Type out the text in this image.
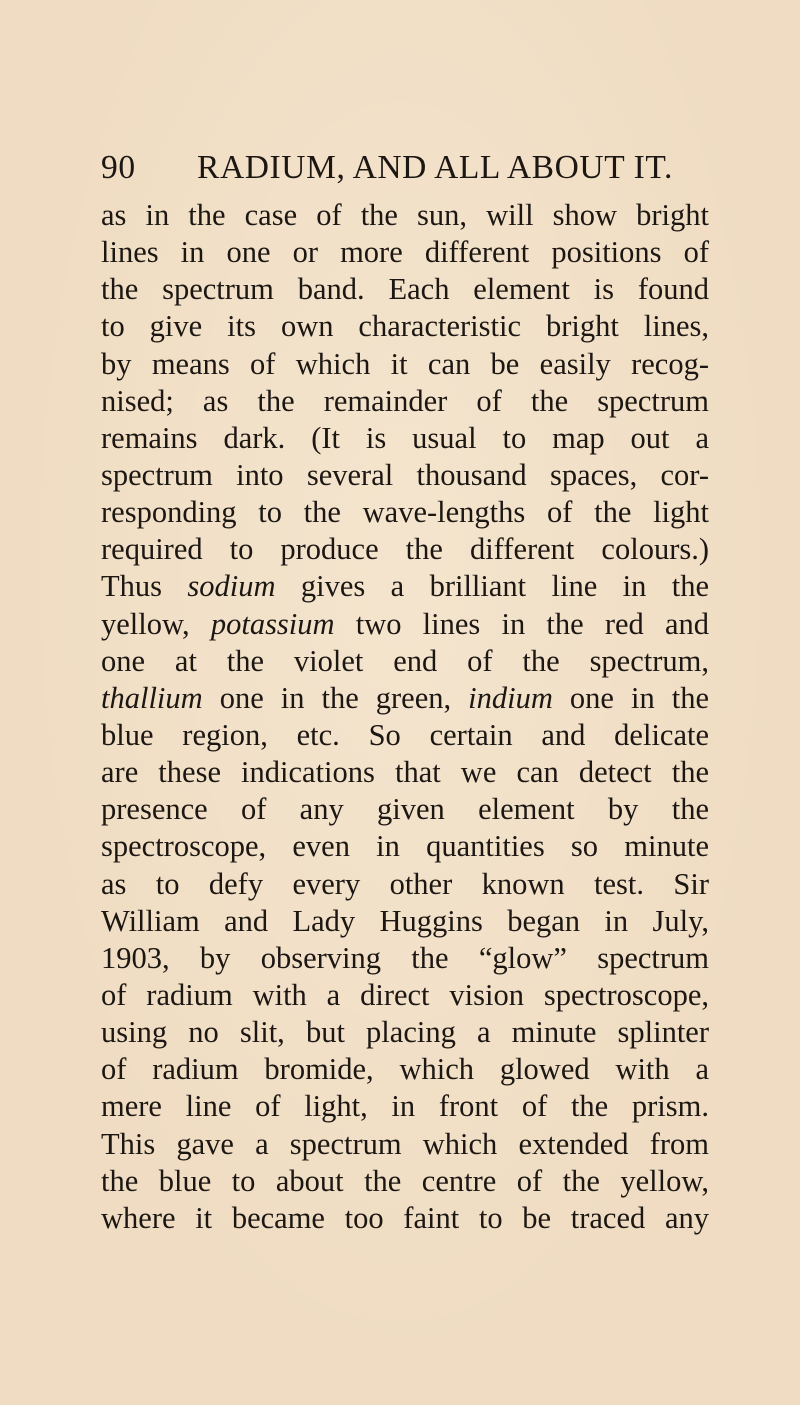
90 RADIUM, AND ALL ABOUT IT.
as in the case of the sun, will show bright
lines in one or more different positions of
the spectrum band. Each element is found
to give its own characteristic bright lines,
by means of which it can be easily recog-
nised; as the remainder of the spectrum
remains dark. (It is usual to map out a
spectrum into several thousand spaces, cor-
responding to the wave-lengths of the light
required to produce the different colours.)
Thus sodium gives a brilliant line in the
yellow, potassium two lines in the red and
one at the violet end of the spectrum,
thallium one in the green, indium one in the
blue region, etc. So certain and delicate
are these indications that we can detect the
presence of any given element by the
spectroscope, even in quantities so minute
as to defy every other known test. Sir
William and Lady Huggins began in July,
1903, by observing the “glow” spectrum
of radium with a direct vision spectroscope,
using no slit, but placing a minute splinter
of radium bromide, which glowed with a
mere line of light, in front of the prism.
This gave a spectrum which extended from
the blue to about the centre of the yellow,
where it became too faint to be traced any
